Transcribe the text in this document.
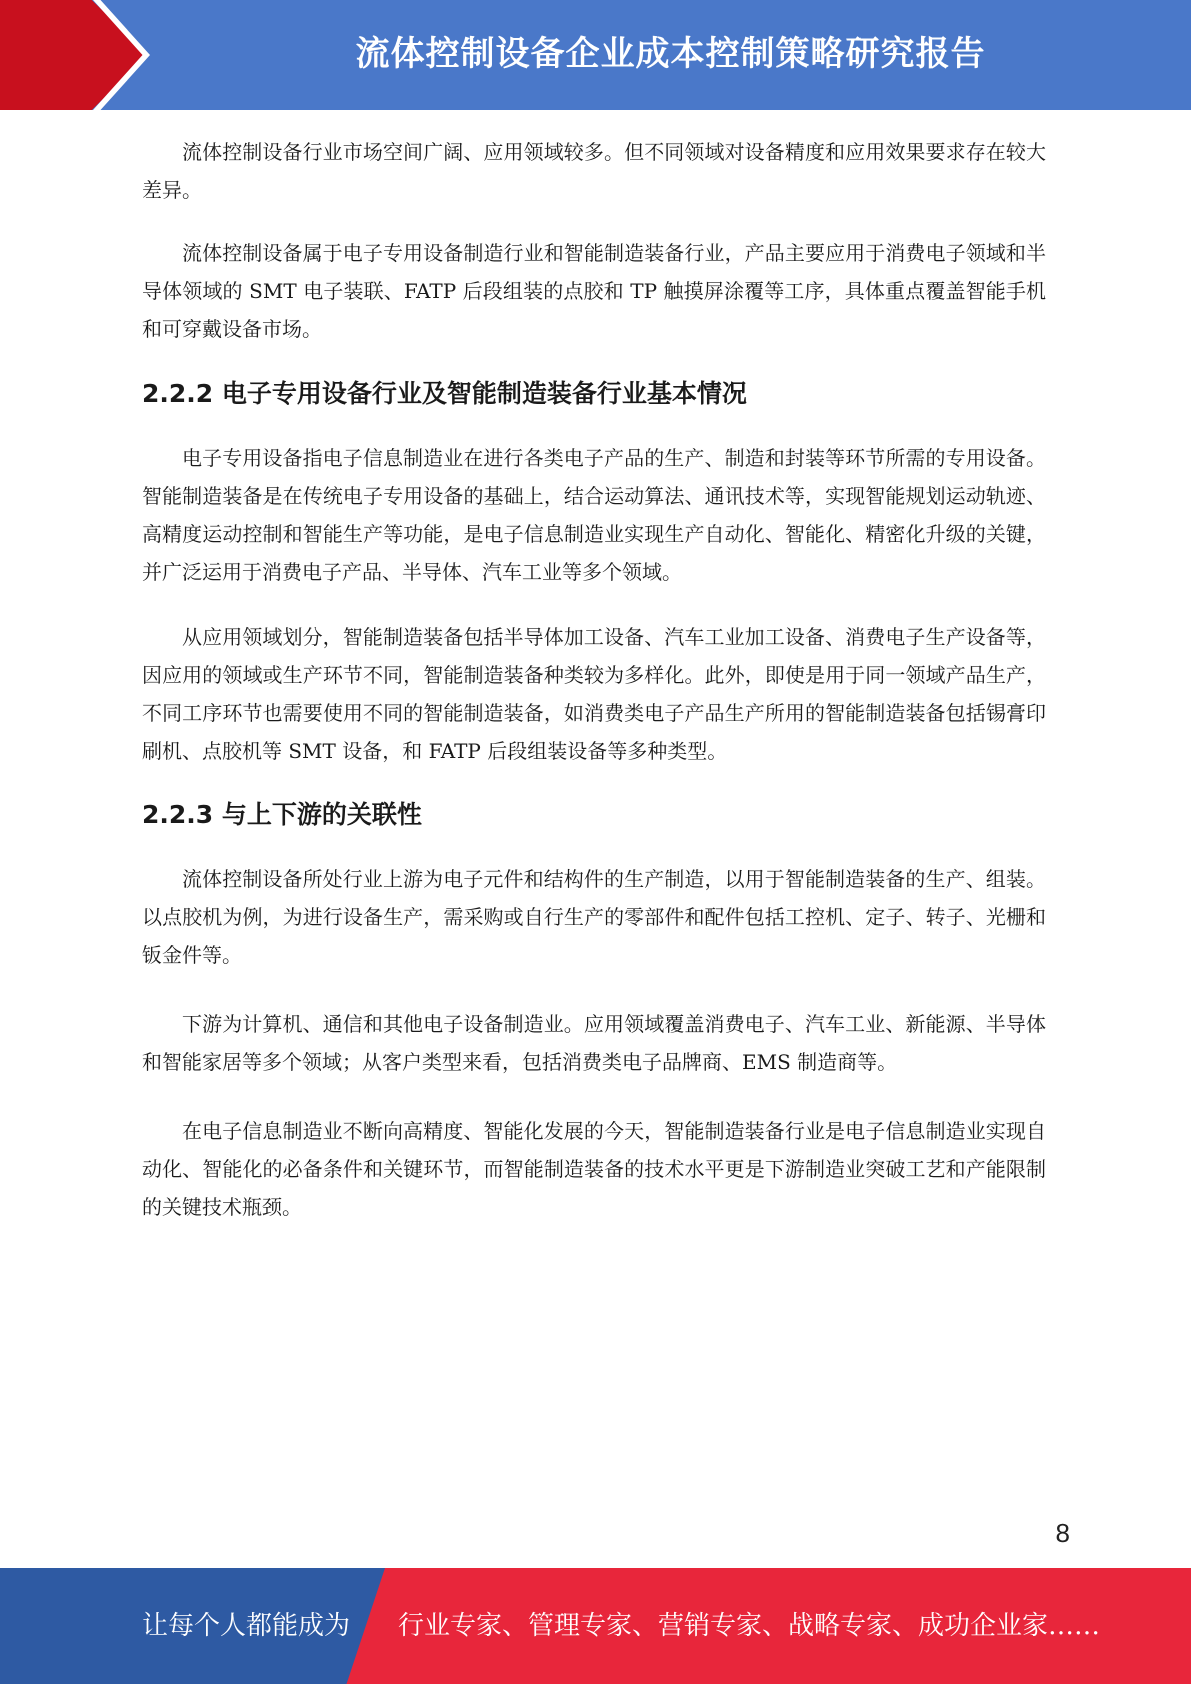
流体控制设备企业成本控制策略研究报告

流体控制设备行业市场空间广阔、应用领域较多。但不同领域对设备精度和应用效果要求存在较大差异。

流体控制设备属于电子专用设备制造行业和智能制造装备行业，产品主要应用于消费电子领域和半导体领域的 SMT 电子装联、FATP 后段组装的点胶和 TP 触摸屏涂覆等工序，具体重点覆盖智能手机和可穿戴设备市场。

2.2.2 电子专用设备行业及智能制造装备行业基本情况

电子专用设备指电子信息制造业在进行各类电子产品的生产、制造和封装等环节所需的专用设备。智能制造装备是在传统电子专用设备的基础上，结合运动算法、通讯技术等，实现智能规划运动轨迹、高精度运动控制和智能生产等功能，是电子信息制造业实现生产自动化、智能化、精密化升级的关键，并广泛运用于消费电子产品、半导体、汽车工业等多个领域。

从应用领域划分，智能制造装备包括半导体加工设备、汽车工业加工设备、消费电子生产设备等，因应用的领域或生产环节不同，智能制造装备种类较为多样化。此外，即使是用于同一领域产品生产，不同工序环节也需要使用不同的智能制造装备，如消费类电子产品生产所用的智能制造装备包括锡膏印刷机、点胶机等 SMT 设备，和 FATP 后段组装设备等多种类型。

2.2.3 与上下游的关联性

流体控制设备所处行业上游为电子元件和结构件的生产制造，以用于智能制造装备的生产、组装。以点胶机为例，为进行设备生产，需采购或自行生产的零部件和配件包括工控机、定子、转子、光栅和钣金件等。

下游为计算机、通信和其他电子设备制造业。应用领域覆盖消费电子、汽车工业、新能源、半导体和智能家居等多个领域；从客户类型来看，包括消费类电子品牌商、EMS 制造商等。

在电子信息制造业不断向高精度、智能化发展的今天，智能制造装备行业是电子信息制造业实现自动化、智能化的必备条件和关键环节，而智能制造装备的技术水平更是下游制造业突破工艺和产能限制的关键技术瓶颈。

8
让每个人都能成为 行业专家、管理专家、营销专家、战略专家、成功企业家……
